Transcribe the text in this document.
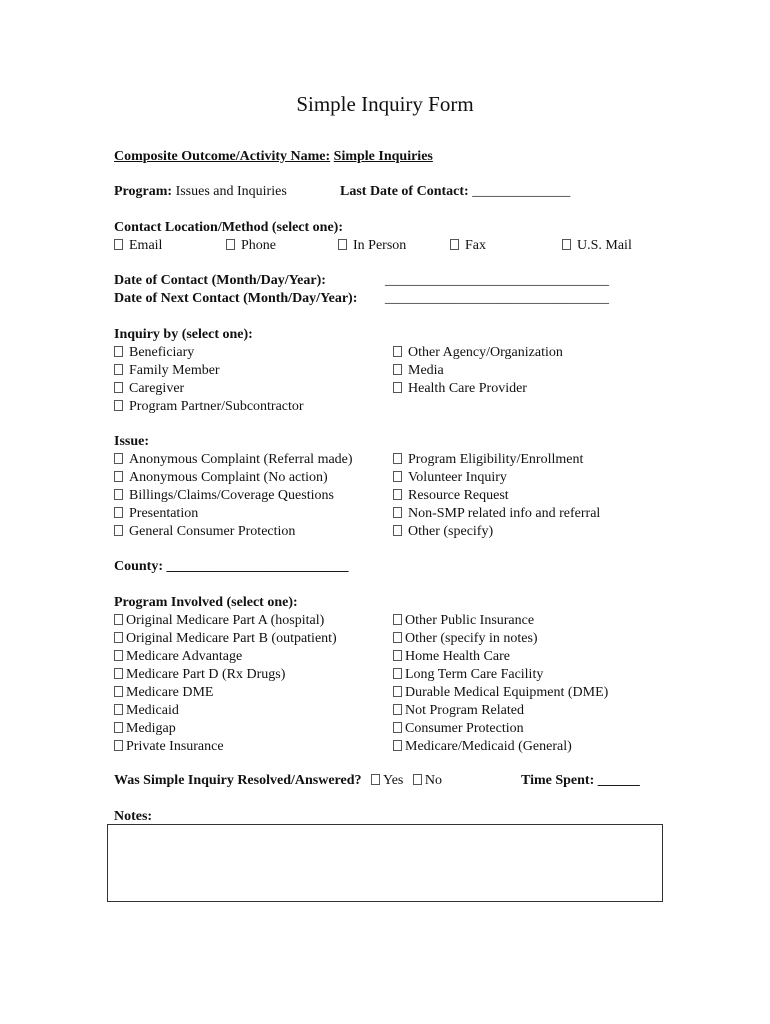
Simple Inquiry Form
Composite Outcome/Activity Name: Simple Inquiries
Program: Issues and Inquiries	Last Date of Contact: ______________
Contact Location/Method (select one):
Email	Phone	In Person	Fax	U.S. Mail
Date of Contact (Month/Day/Year):	________________________________
Date of Next Contact (Month/Day/Year): ________________________________
Inquiry by (select one):
Beneficiary
Family Member
Caregiver
Program Partner/Subcontractor
Other Agency/Organization
Media
Health Care Provider
Issue:
Anonymous Complaint (Referral made)
Anonymous Complaint (No action)
Billings/Claims/Coverage Questions
Presentation
General Consumer Protection
Program Eligibility/Enrollment
Volunteer Inquiry
Resource Request
Non-SMP related info and referral
Other (specify)
County: __________________________
Program Involved (select one):
Original Medicare Part A (hospital)
Original Medicare Part B (outpatient)
Medicare Advantage
Medicare Part D (Rx Drugs)
Medicare DME
Medicaid
Medigap
Private Insurance
Other Public Insurance
Other (specify in notes)
Home Health Care
Long Term Care Facility
Durable Medical Equipment (DME)
Not Program Related
Consumer Protection
Medicare/Medicaid (General)
Was Simple Inquiry Resolved/Answered? Yes No	Time Spent: ______
Notes:
